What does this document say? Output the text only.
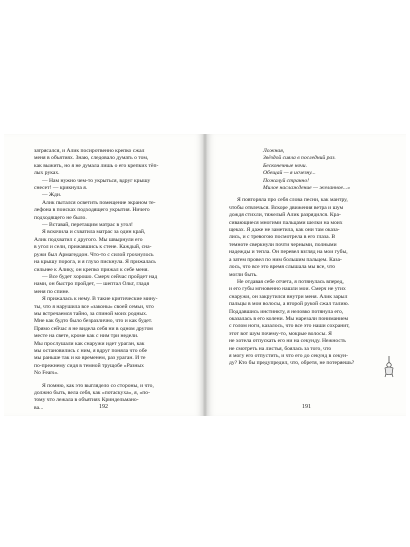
затрясался, и Алик посиротвенно крепко сжал
меня в объятиях. Знаю, следовало думать о том,
как выжить, но я не думала лишь о его крепких тёп-
лых руках.
— Нам нужно чем-то укрыться, вдруг крышу
снесет! — крикнула я.
— Жди.
Алик пытался осветить помещение экраном те-
лефона в поисках подходящего укрытия. Ничего
подходящего не было.
— Вставай, перетащим матрас в угол!
Я вскочила и схватила матрас за один край,
Алик подхватил с другого. Мы швырнули его
в угол и сели, прижавшись к стене. Каждый, сна-
ружи был Армагеддон. Что-то с силой грохнулось
на крышу порога, и я глухо пискнула. Я прижалась
сильнее к Алику, он крепко прижал к себе меня.
— Все будет хорошо. Смерч сейчас пройдет над
нами, он быстро пройдет, — шептал Ольт, гладя
меня по спине.
Я прижалась к нему. В такие критические мину-
ты, что я нарушила все «законы» своей семьи, что
мы встречаемся тайно, за спиной моих родных.
Мне как будто было безразлично, что и как будет.
Прямо сейчас я не видела себя ни в одном другом
месте на свете, кроме как с ним три недели.
Мы прослушали как снаружи идет ураган, как
мы остановились с ним, я вдруг поняла что обе
мы раньше так и ко временем, раз ураган. И те
по-прежнему сидя в темной трущобе «Разных
No Fears».
Я помню, как это выглядело со стороны, и что,
должно быть, вела себя, как «потаскуха», я, «по-
тому что лежала в объятиях Криндельмано-
ва...	192
Ложная,
Звёздой сияла в последний раз.
Бесконечные ночи.
Обещай — я исчезну...
Пожалуй странно!
Милое наслаждение — желанное...»
Я повторяла про себя слова песни, как мантру,
чтобы отвлечься. Вскоре движения ветра и шум
дождя стихли, тяжелый Алик разрядился. Кра-
сивающиеся многими пальцами шелки на моих
щеках. Я даже не заметила, как они там оказа-
лись, и с тревогою посмотрела в его глаза. В
темноте сверкнули почти черными, полными
надежды и тепла. Он перевел взгляд на мои губы,
а затем провел по ним большим пальцем. Каза-
лось, что все это время слышала мы все, что
могли быть.
Не отдавая себе отчета, я потянулась вперед,
и его губы мгновенно нашли мои. Смерч не утих
снаружи, он закрутился внутри меня. Алик зарыл
пальцы в мои волосы, а второй рукой сжал талию.
Поддавшись инстинкту, я неловко потянула его,
оказалась в его колени. Мы нарезали пониманием
с голом ноги, казалось, что все это наши сохранит,
этот вот шум почему-то, мокрые волосы. Я
не хотела отпускать его ни на секунду. Нежность
не смотреть на листья, боялась за того, что
я могу его отпустить, и что его до секунд в секун-
ду? Кто бы предупредил, что, обретя, не потеряешь?
191
